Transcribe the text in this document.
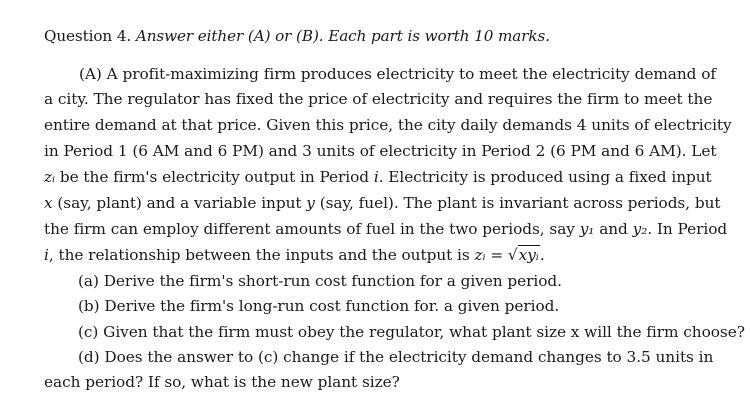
Question 4. Answer either (A) or (B). Each part is worth 10 marks.
(A) A profit-maximizing firm produces electricity to meet the electricity demand of
a city. The regulator has fixed the price of electricity and requires the firm to meet the
entire demand at that price. Given this price, the city daily demands 4 units of electricity
in Period 1 (6 AM and 6 PM) and 3 units of electricity in Period 2 (6 PM and 6 AM). Let
zᵢ be the firm's electricity output in Period i. Electricity is produced using a fixed input
x (say, plant) and a variable input y (say, fuel). The plant is invariant across periods, but
the firm can employ different amounts of fuel in the two periods, say y₁ and y₂. In Period
i, the relationship between the inputs and the output is zᵢ = √xyᵢ.
(a) Derive the firm's short-run cost function for a given period.
(b) Derive the firm's long-run cost function for. a given period.
(c) Given that the firm must obey the regulator, what plant size x will the firm choose?
(d) Does the answer to (c) change if the electricity demand changes to 3.5 units in
each period? If so, what is the new plant size?
